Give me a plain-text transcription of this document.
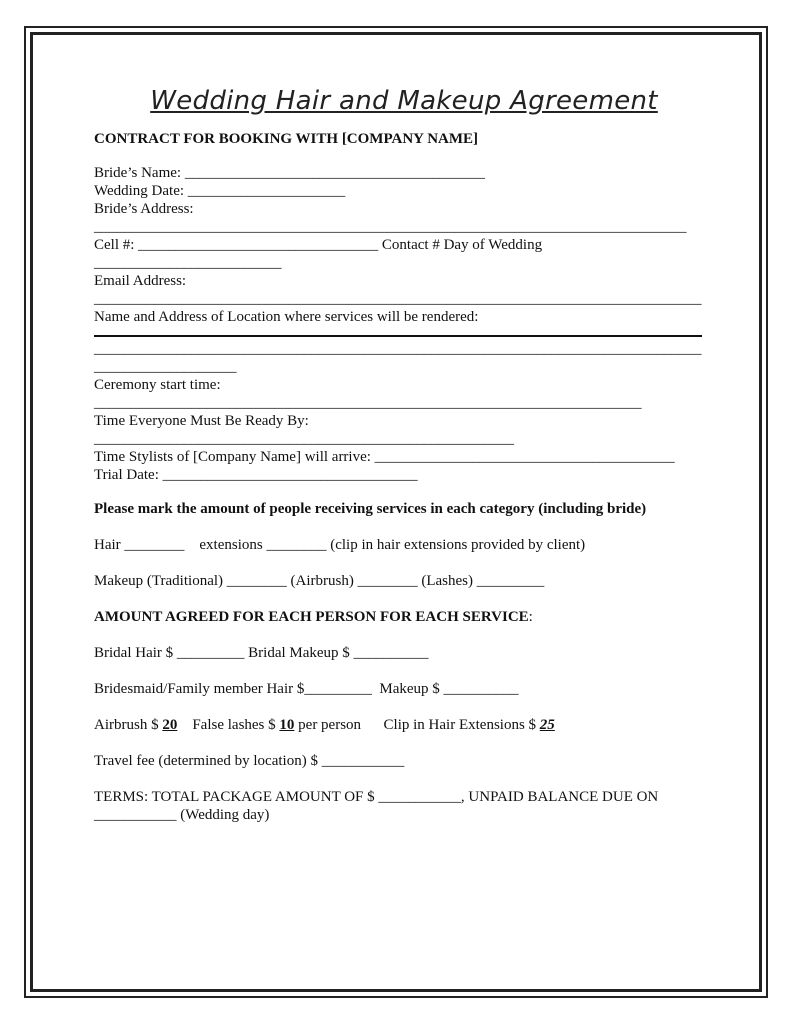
Wedding Hair and Makeup Agreement
CONTRACT FOR BOOKING WITH [COMPANY NAME]
Bride’s Name: ________________________________________
Wedding Date: _____________________
Bride’s Address:
_______________________________________________________________________________
Cell #: ________________________________ Contact # Day of Wedding
_________________________
Email Address:
_________________________________________________________________________________
Name and Address of Location where services will be rendered:
_________________________________________________________________________________
___________________
Ceremony start time:
_________________________________________________________________________
Time Everyone Must Be Ready By:
________________________________________________________
Time Stylists of [Company Name] will arrive: ________________________________________
Trial Date: __________________________________
Please mark the amount of people receiving services in each category (including bride)
Hair ________    extensions ________ (clip in hair extensions provided by client)
Makeup (Traditional) ________ (Airbrush) ________ (Lashes) _________
AMOUNT AGREED FOR EACH PERSON FOR EACH SERVICE:
Bridal Hair $ _________ Bridal Makeup $ __________
Bridesmaid/Family member Hair $_________  Makeup $ __________
Airbrush $ 20    False lashes $ 10 per person      Clip in Hair Extensions $ 25
Travel fee (determined by location) $ ___________
TERMS: TOTAL PACKAGE AMOUNT OF $ ___________, UNPAID BALANCE DUE ON
___________ (Wedding day)
